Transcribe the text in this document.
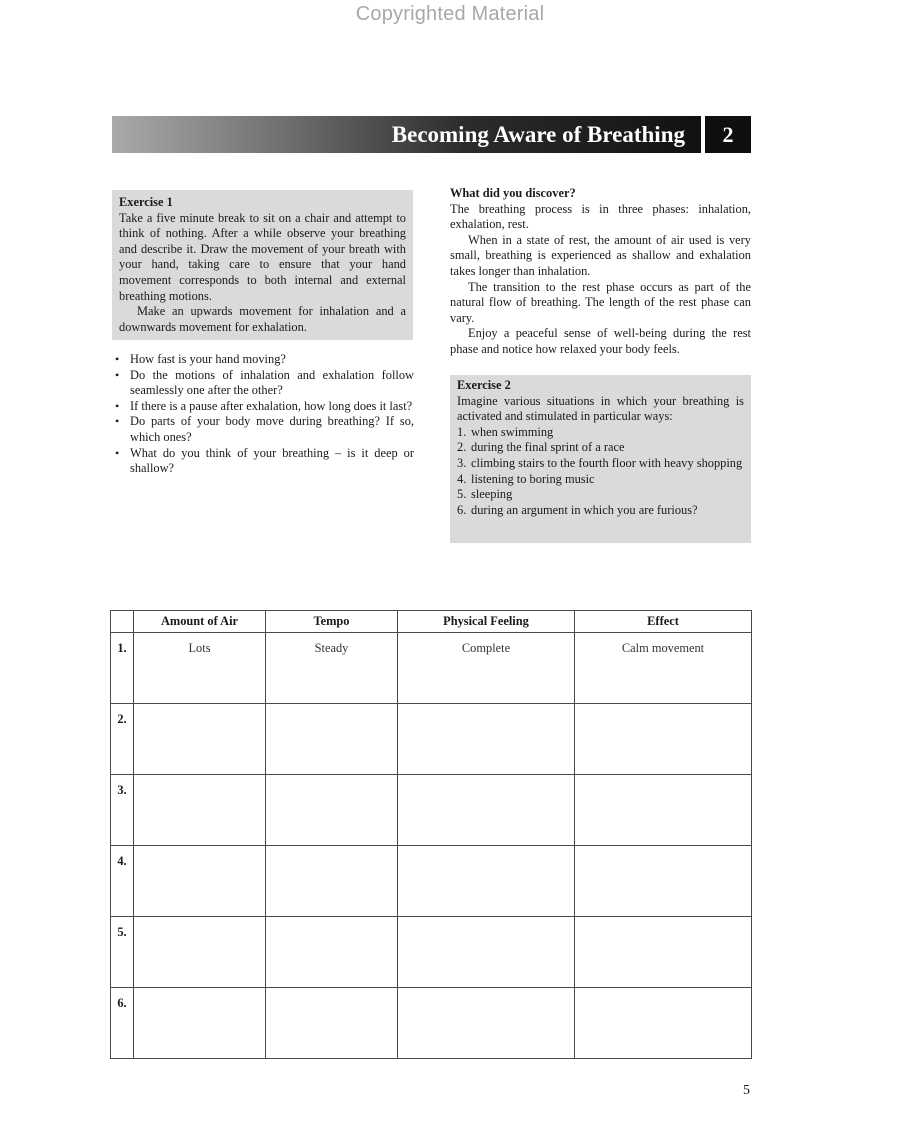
Copyrighted Material
Becoming Aware of Breathing	2
Exercise 1
Take a five minute break to sit on a chair and attempt to think of nothing. After a while observe your breathing and describe it. Draw the movement of your breath with your hand, taking care to ensure that your hand movement corresponds to both internal and external breathing motions.
Make an upwards movement for inhalation and a downwards movement for exhalation.
• How fast is your hand moving?
• Do the motions of inhalation and exhalation follow seamlessly one after the other?
• If there is a pause after exhalation, how long does it last?
• Do parts of your body move during breathing? If so, which ones?
• What do you think of your breathing – is it deep or shallow?

What did you discover?

The breathing process is in three phases: inhalation, exhalation, rest.

When in a state of rest, the amount of air used is very small, breathing is experienced as shallow and exhalation takes longer than inhalation.

The transition to the rest phase occurs as part of the natural flow of breathing. The length of the rest phase can vary.

Enjoy a peaceful sense of well-being during the rest phase and notice how relaxed your body feels.

Exercise 2
Imagine various situations in which your breathing is activated and stimulated in particular ways:
1. when swimming
2. during the final sprint of a race
3. climbing stairs to the fourth floor with heavy shopping
4. listening to boring music
5. sleeping
6. during an argument in which you are furious?
	Amount of Air	Tempo	Physical Feeling	Effect
1.	Lots	Steady	Complete	Calm movement
2.				
3.				
4.				
5.				
6.				
5
